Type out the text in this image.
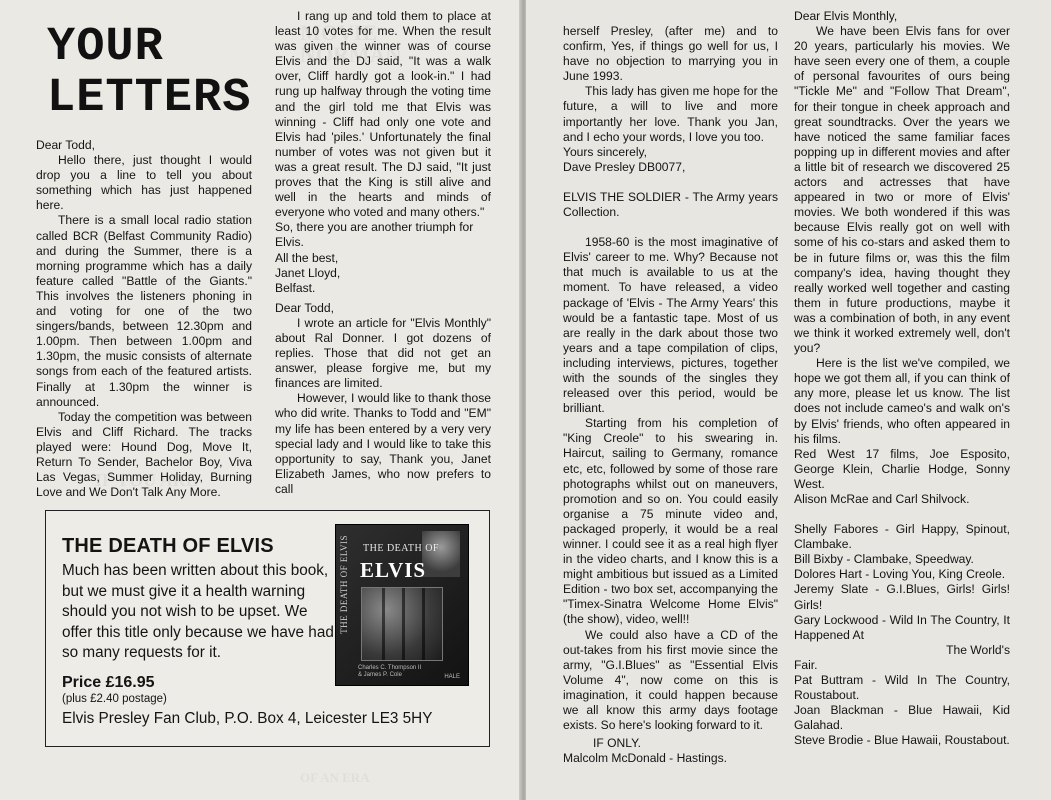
YOUR
LETTERS

Dear Todd,

Hello there, just thought I would drop you a line to tell you about something which has just happened here.

There is a small local radio station called BCR (Belfast Community Radio) and during the Summer, there is a morning programme which has a daily feature called "Battle of the Giants." This involves the listeners phoning in and voting for one of the two singers/bands, between 12.30pm and 1.00pm. Then between 1.00pm and 1.30pm, the music consists of alternate songs from each of the featured artists. Finally at 1.30pm the winner is announced.

Today the competition was between Elvis and Cliff Richard. The tracks played were: Hound Dog, Move It, Return To Sender, Bachelor Boy, Viva Las Vegas, Summer Holiday, Burning Love and We Don't Talk Any More.

I rang up and told them to place at least 10 votes for me. When the result was given the winner was of course Elvis and the DJ said, "It was a walk over, Cliff hardly got a look-in." I had rung up halfway through the voting time and the girl told me that Elvis was winning - Cliff had only one vote and Elvis had 'piles.' Unfortunately the final number of votes was not given but it was a great result. The DJ said, "It just proves that the King is still alive and well in the hearts and minds of everyone who voted and many others."

So, there you are another triumph for Elvis.

All the best,

Janet Lloyd,

Belfast.

Dear Todd,

I wrote an article for "Elvis Monthly" about Ral Donner. I got dozens of replies. Those that did not get an answer, please forgive me, but my finances are limited.

However, I would like to thank those who did write. Thanks to Todd and "EM" my life has been entered by a very very special lady and I would like to take this opportunity to say, Thank you, Janet Elizabeth James, who now prefers to call

THE DEATH OF ELVIS
Much has been written about this book, but we must give it a health warning should you not wish to be upset. We offer this title only because we have had so many requests for it.
Price £16.95
(plus £2.40 postage)
Elvis Presley Fan Club, P.O. Box 4, Leicester LE3 5HY
THE DEATH OF ELVIS THE DEATH OF
ELVIS
Charles C. Thompson II
& James P. Cole	HALE

herself Presley, (after me) and to confirm, Yes, if things go well for us, I have no objection to marrying you in June 1993.

This lady has given me hope for the future, a will to live and more importantly her love. Thank you Jan, and I echo your words, I love you too.

Yours sincerely,

Dave Presley DB0077,

ELVIS THE SOLDIER - The Army years Collection.

1958-60 is the most imaginative of Elvis' career to me. Why? Because not that much is available to us at the moment. To have released, a video package of 'Elvis - The Army Years' this would be a fantastic tape. Most of us are really in the dark about those two years and a tape compilation of clips, including interviews, pictures, together with the sounds of the singles they released over this period, would be brilliant.

Starting from his completion of "King Creole" to his swearing in. Haircut, sailing to Germany, romance etc, etc, followed by some of those rare photographs whilst out on maneuvers, promotion and so on. You could easily organise a 75 minute video and, packaged properly, it would be a real winner. I could see it as a real high flyer in the video charts, and I know this is a might ambitious but issued as a Limited Edition - two box set, accompanying the "Timex-Sinatra Welcome Home Elvis" (the show), video, well!!

We could also have a CD of the out-takes from his first movie since the army, "G.I.Blues" as "Essential Elvis Volume 4", now come on this is imagination, it could happen because we all know this army days footage exists. So here's looking forward to it.

IF ONLY.

Malcolm McDonald - Hastings.

Dear Elvis Monthly,

We have been Elvis fans for over 20 years, particularly his movies. We have seen every one of them, a couple of personal favourites of ours being "Tickle Me" and "Follow That Dream", for their tongue in cheek approach and great soundtracks. Over the years we have noticed the same familiar faces popping up in different movies and after a little bit of research we discovered 25 actors and actresses that have appeared in two or more of Elvis' movies. We both wondered if this was because Elvis really got on well with some of his co-stars and asked them to be in future films or, was this the film company's idea, having thought they really worked well together and casting them in future productions, maybe it was a combination of both, in any event we think it worked extremely well, don't you?

Here is the list we've compiled, we hope we got them all, if you can think of any more, please let us know. The list does not include cameo's and walk on's by Elvis' friends, who often appeared in his films.

Red West 17 films, Joe Esposito, George Klein, Charlie Hodge, Sonny West.

Alison McRae and Carl Shilvock.

Shelly Fabores - Girl Happy, Spinout, Clambake.

Bill Bixby - Clambake, Speedway.

Dolores Hart - Loving You, King Creole.

Jeremy Slate - G.I.Blues, Girls! Girls! Girls!

Gary Lockwood - Wild In The Country, It Happened At

The World's

Fair.

Pat Buttram - Wild In The Country, Roustabout.

Joan Blackman - Blue Hawaii, Kid Galahad.

Steve Brodie - Blue Hawaii, Roustabout.
